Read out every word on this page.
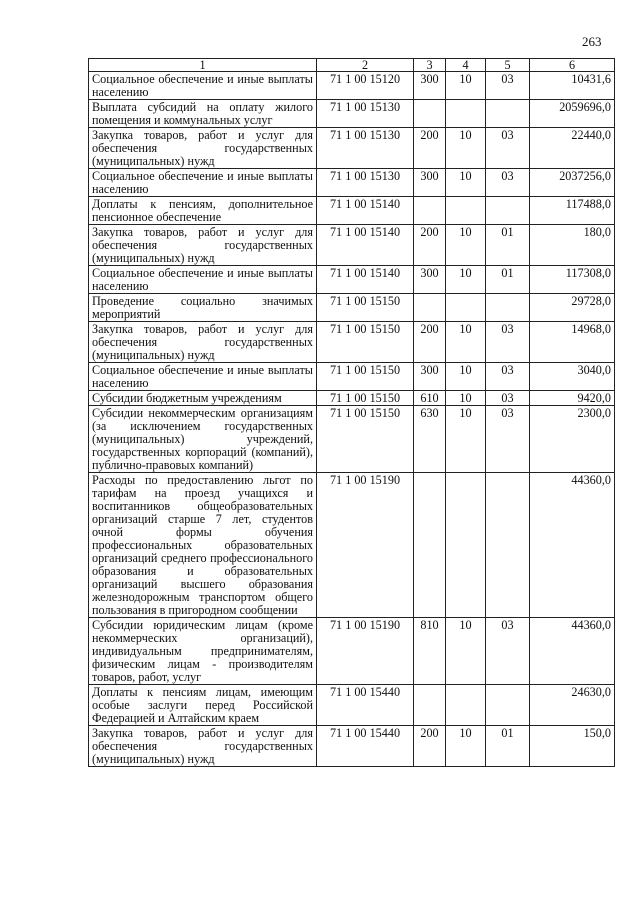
263
1	2	3	4	5	6
Социальное обеспечение и иные выплаты населению	71 1 00 15120	300	10	03	10431,6
Выплата субсидий на оплату жилого помещения и коммунальных услуг	71 1 00 15130				2059696,0
Закупка товаров, работ и услуг для обеспечения государственных (муниципальных) нужд	71 1 00 15130	200	10	03	22440,0
Социальное обеспечение и иные выплаты населению	71 1 00 15130	300	10	03	2037256,0
Доплаты к пенсиям, дополнительное пенсионное обеспечение	71 1 00 15140				117488,0
Закупка товаров, работ и услуг для обеспечения государственных (муниципальных) нужд	71 1 00 15140	200	10	01	180,0
Социальное обеспечение и иные выплаты населению	71 1 00 15140	300	10	01	117308,0
Проведение социально значимых мероприятий	71 1 00 15150				29728,0
Закупка товаров, работ и услуг для обеспечения государственных (муниципальных) нужд	71 1 00 15150	200	10	03	14968,0
Социальное обеспечение и иные выплаты населению	71 1 00 15150	300	10	03	3040,0
Субсидии бюджетным учреждениям	71 1 00 15150	610	10	03	9420,0
Субсидии некоммерческим организациям (за исключением государственных (муниципальных) учреждений, государственных корпораций (компаний), публично-правовых компаний)	71 1 00 15150	630	10	03	2300,0
Расходы по предоставлению льгот по тарифам на проезд учащихся и воспитанников общеобразовательных организаций старше 7 лет, студентов очной формы обучения профессиональных образовательных организаций среднего профессионального образования и образовательных организаций высшего образования железнодорожным транспортом общего пользования в пригородном сообщении	71 1 00 15190				44360,0
Субсидии юридическим лицам (кроме некоммерческих организаций), индивидуальным предпринимателям, физическим лицам - производителям товаров, работ, услуг	71 1 00 15190	810	10	03	44360,0
Доплаты к пенсиям лицам, имеющим особые заслуги перед Российской Федерацией и Алтайским краем	71 1 00 15440				24630,0
Закупка товаров, работ и услуг для обеспечения государственных (муниципальных) нужд	71 1 00 15440	200	10	01	150,0
